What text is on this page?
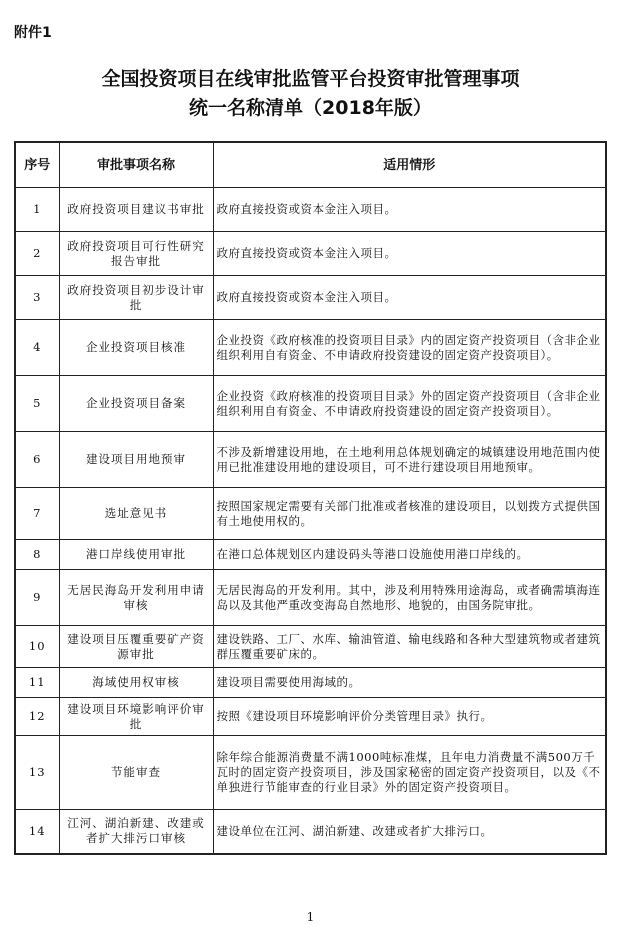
附件1
全国投资项目在线审批监管平台投资审批管理事项
统一名称清单（2018年版）
序号	审批事项名称	适用情形
1	政府投资项目建议书审批	政府直接投资或资本金注入项目。
2	政府投资项目可行性研究报告审批	政府直接投资或资本金注入项目。
3	政府投资项目初步设计审批	政府直接投资或资本金注入项目。
4	企业投资项目核准	企业投资《政府核准的投资项目目录》内的固定资产投资项目（含非企业组织利用自有资金、不申请政府投资建设的固定资产投资项目）。
5	企业投资项目备案	企业投资《政府核准的投资项目目录》外的固定资产投资项目（含非企业组织利用自有资金、不申请政府投资建设的固定资产投资项目）。
6	建设项目用地预审	不涉及新增建设用地，在土地利用总体规划确定的城镇建设用地范围内使用已批准建设用地的建设项目，可不进行建设项目用地预审。
7	选址意见书	按照国家规定需要有关部门批准或者核准的建设项目，以划拨方式提供国有土地使用权的。
8	港口岸线使用审批	在港口总体规划区内建设码头等港口设施使用港口岸线的。
9	无居民海岛开发利用申请审核	无居民海岛的开发利用。其中，涉及利用特殊用途海岛，或者确需填海连岛以及其他严重改变海岛自然地形、地貌的，由国务院审批。
10	建设项目压覆重要矿产资源审批	建设铁路、工厂、水库、输油管道、输电线路和各种大型建筑物或者建筑群压覆重要矿床的。
11	海域使用权审核	建设项目需要使用海域的。
12	建设项目环境影响评价审批	按照《建设项目环境影响评价分类管理目录》执行。
13	节能审查	除年综合能源消费量不满1000吨标准煤，且年电力消费量不满500万千瓦时的固定资产投资项目，涉及国家秘密的固定资产投资项目，以及《不单独进行节能审查的行业目录》外的固定资产投资项目。
14	江河、湖泊新建、改建或者扩大排污口审核	建设单位在江河、湖泊新建、改建或者扩大排污口。
1
